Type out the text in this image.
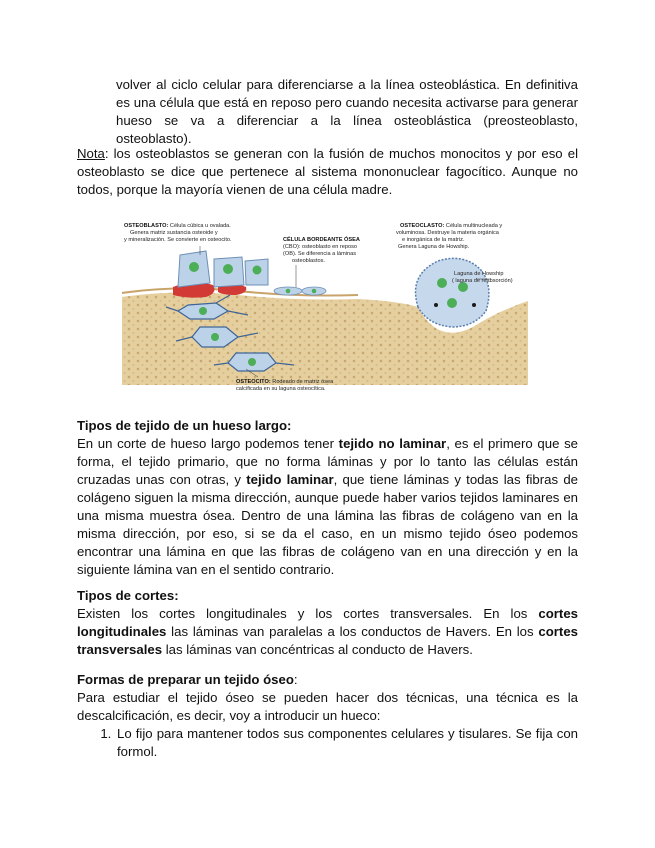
volver al ciclo celular para diferenciarse a la línea osteoblástica. En definitiva es una célula que está en reposo pero cuando necesita activarse para generar hueso se va a diferenciar a la línea osteoblástica (preosteoblasto, osteoblasto).

Nota: los osteoblastos se generan con la fusión de muchos monocitos y por eso el osteoblasto se dice que pertenece al sistema mononuclear fagocítico. Aunque no todos, porque la mayoría vienen de una célula madre.

OSTEOBLASTO: Célula cúbica u ovalada.
Genera matriz sustancia osteoide y
y mineralización. Se convierte en osteocito.	CÉLULA BORDEANTE ÓSEA
(CBO): osteoblasto en reposo
(OB). Se diferencia a láminas
osteoblastos.
OSTEOCLASTO: Célula multinucleada y
voluminosa. Destruye la materia orgánica
e inorgánica de la matriz.
Genera Laguna de Howship.
Laguna de Howship
( laguna de reabsorción)
OSTEOCITO: Rodeado de matriz ósea
calcificada en su laguna osteocítica.
Tipos de tejido de un hueso largo:

En un corte de hueso largo podemos tener tejido no laminar, es el primero que se forma, el tejido primario, que no forma láminas y por lo tanto las células están cruzadas unas con otras, y tejido laminar, que tiene láminas y todas las fibras de colágeno siguen la misma dirección, aunque puede haber varios tejidos laminares en una misma muestra ósea. Dentro de una lámina las fibras de colágeno van en la misma dirección, por eso, si se da el caso, en un mismo tejido óseo podemos encontrar una lámina en que las fibras de colágeno van en una dirección y en la siguiente lámina van en el sentido contrario.

Tipos de cortes:

Existen los cortes longitudinales y los cortes transversales. En los cortes longitudinales las láminas van paralelas a los conductos de Havers. En los cortes transversales las láminas van concéntricas al conducto de Havers.

Formas de preparar un tejido óseo:

Para estudiar el tejido óseo se pueden hacer dos técnicas, una técnica es la descalcificación, es decir, voy a introducir un hueco:

1. Lo fijo para mantener todos sus componentes celulares y tisulares. Se fija con formol.
